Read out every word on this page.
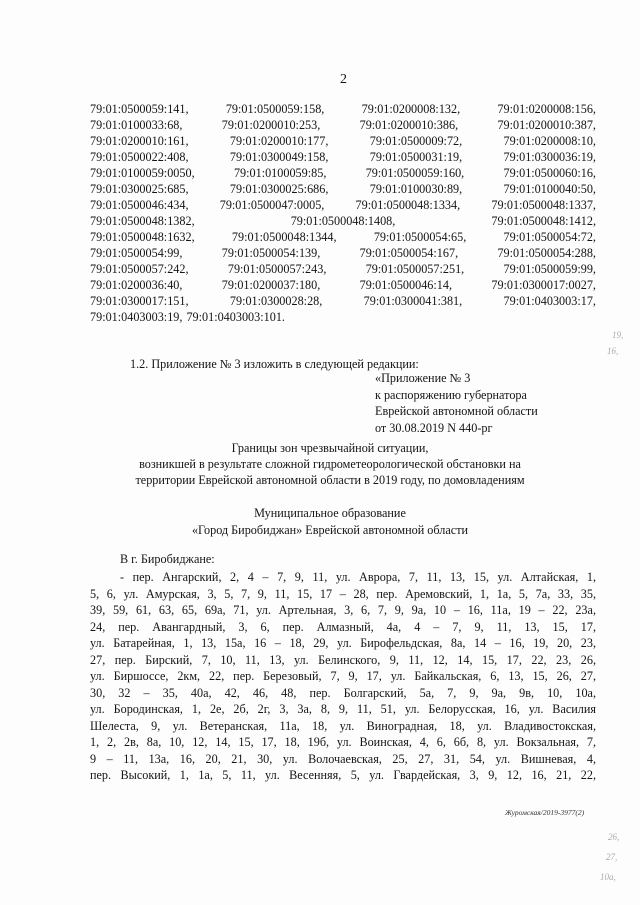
2
79:01:0500059:141,	79:01:0500059:158,	79:01:0200008:132,	79:01:0200008:156,
79:01:0100033:68,	79:01:0200010:253,	79:01:0200010:386,	79:01:0200010:387,
79:01:0200010:161,	79:01:0200010:177,	79:01:0500009:72,	79:01:0200008:10,
79:01:0500022:408,	79:01:0300049:158,	79:01:0500031:19,	79:01:0300036:19,
79:01:0100059:0050,	79:01:0100059:85,	79:01:0500059:160,	79:01:0500060:16,
79:01:0300025:685,	79:01:0300025:686,	79:01:0100030:89,	79:01:0100040:50,
79:01:0500046:434,	79:01:0500047:0005,	79:01:0500048:1334,	79:01:0500048:1337,
79:01:0500048:1382,	79:01:0500048:1408,	79:01:0500048:1412,
79:01:0500048:1632,	79:01:0500048:1344,	79:01:0500054:65,	79:01:0500054:72,
79:01:0500054:99,	79:01:0500054:139,	79:01:0500054:167,	79:01:0500054:288,
79:01:0500057:242,	79:01:0500057:243,	79:01:0500057:251,	79:01:0500059:99,
79:01:0200036:40,	79:01:0200037:180,	79:01:0500046:14,	79:01:0300017:0027,
79:01:0300017:151,	79:01:0300028:28,	79:01:0300041:381,	79:01:0403003:17,
79:01:0403003:19, 79:01:0403003:101.
1.2. Приложение № 3 изложить в следующей редакции:
«Приложение № 3
к распоряжению губернатора
Еврейской автономной области
от 30.08.2019 N 440-рг
Границы зон чрезвычайной ситуации,
возникшей в результате сложной гидрометеорологической обстановки на
территории Еврейской автономной области в 2019 году, по домовладениям
Муниципальное образование
«Город Биробиджан» Еврейской автономной области
В г. Биробиджане:
- пер. Ангарский, 2, 4 – 7, 9, 11, ул. Аврора, 7, 11, 13, 15, ул. Алтайская, 1,
5, 6, ул. Амурская, 3, 5, 7, 9, 11, 15, 17 – 28, пер. Аремовский, 1, 1а, 5, 7а, 33, 35,
39, 59, 61, 63, 65, 69а, 71, ул. Артельная, 3, 6, 7, 9, 9а, 10 – 16, 11а, 19 – 22, 23а,
24, пер. Авангардный, 3, 6, пер. Алмазный, 4а, 4 – 7, 9, 11, 13, 15, 17,
ул. Батарейная, 1, 13, 15а, 16 – 18, 29, ул. Бирофельдская, 8а, 14 – 16, 19, 20, 23,
27, пер. Бирский, 7, 10, 11, 13, ул. Белинского, 9, 11, 12, 14, 15, 17, 22, 23, 26,
ул. Биршоссе, 2км, 22, пер. Березовый, 7, 9, 17, ул. Байкальская, 6, 13, 15, 26, 27,
30, 32 – 35, 40а, 42, 46, 48, пер. Болгарский, 5а, 7, 9, 9а, 9в, 10, 10а,
ул. Бородинская, 1, 2е, 2б, 2г, 3, 3а, 8, 9, 11, 51, ул. Белорусская, 16, ул. Василия
Шелеста, 9, ул. Ветеранская, 11а, 18, ул. Виноградная, 18, ул. Владивостокская,
1, 2, 2в, 8а, 10, 12, 14, 15, 17, 18, 19б, ул. Воинская, 4, 6, 6б, 8, ул. Вокзальная, 7,
9 – 11, 13а, 16, 20, 21, 30, ул. Волочаевская, 25, 27, 31, 54, ул. Вишневая, 4,
пер. Высокий, 1, 1а, 5, 11, ул. Весенняя, 5, ул. Гвардейская, 3, 9, 12, 16, 21, 22,
Журомская/2019-3977(2)
19,
16,
26,
27,
10а,
